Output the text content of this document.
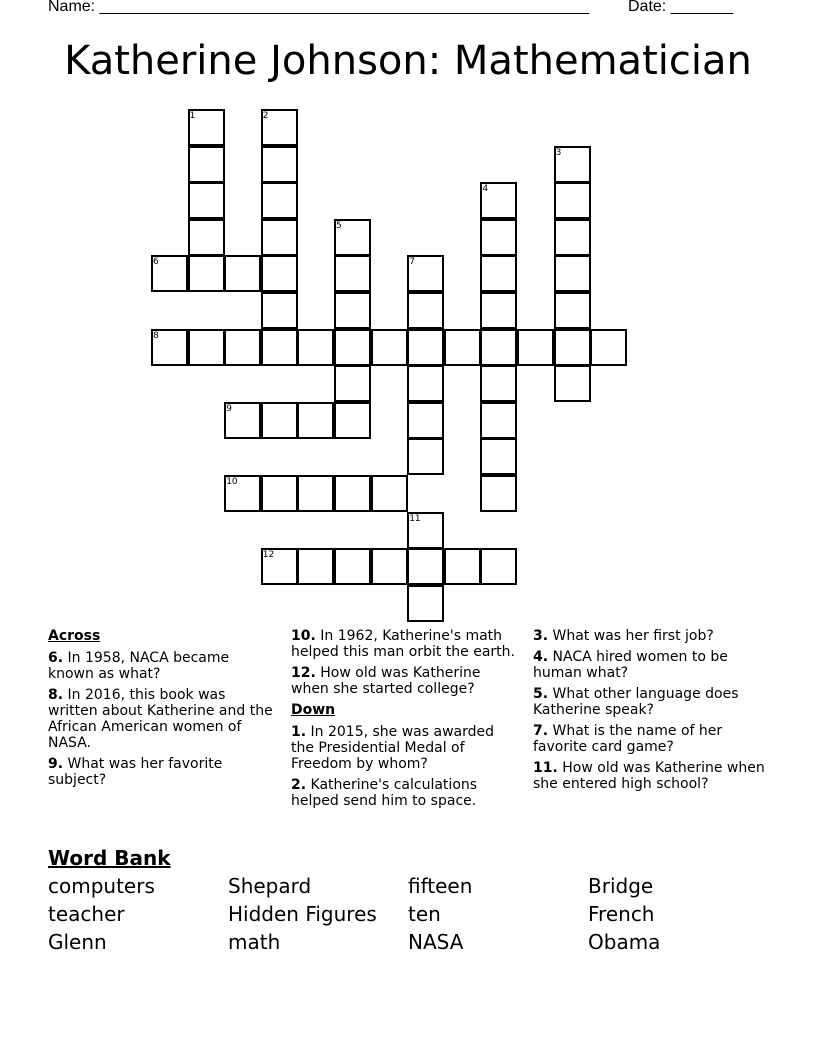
Name: _______________________________________________________ Date: _______
Katherine Johnson: Mathematician
1	2
3
4
5
6	7
8
9
10
11
12
Across
6. In 1958, NACA became known as what?
8. In 2016, this book was written about Katherine and the African American women of NASA.
9. What was her favorite subject?
10. In 1962, Katherine's math helped this man orbit the earth.
12. How old was Katherine when she started college?
Down
1. In 2015, she was awarded the Presidential Medal of Freedom by whom?
2. Katherine's calculations helped send him to space.
3. What was her first job?
4. NACA hired women to be human what?
5. What other language does Katherine speak?
7. What is the name of her favorite card game?
11. How old was Katherine when she entered high school?
Word Bank
computers	Shepard	fifteen	Bridge
teacher	Hidden Figures	ten	French
Glenn	math	NASA	Obama
